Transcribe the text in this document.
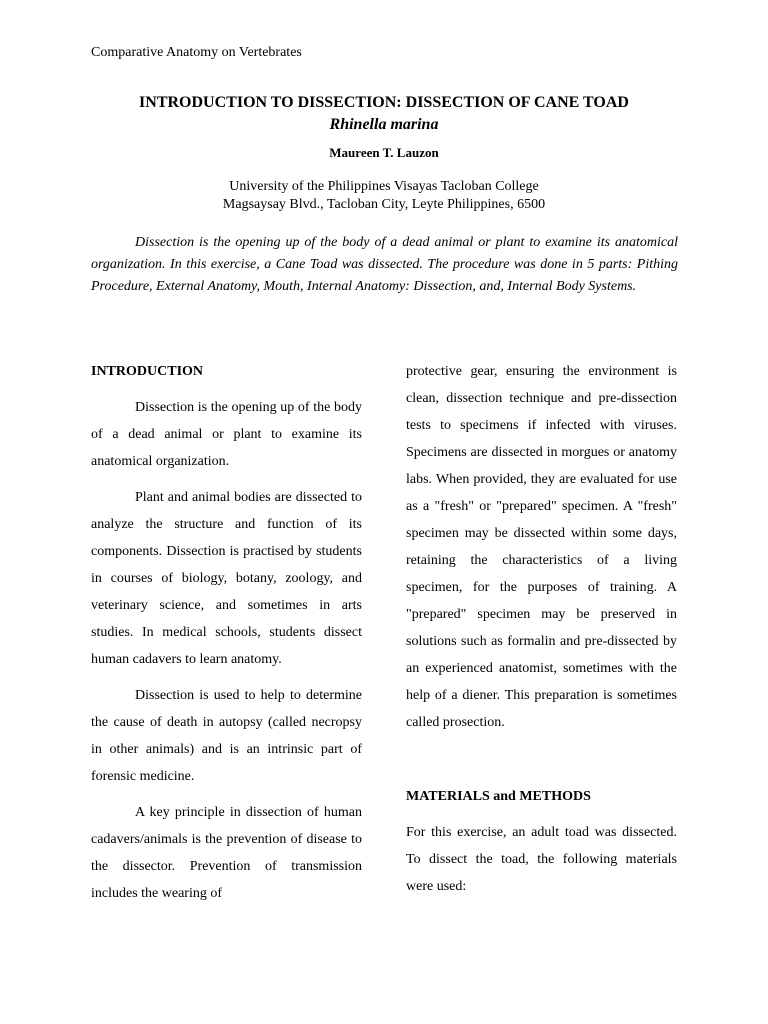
Comparative Anatomy on Vertebrates
INTRODUCTION TO DISSECTION: DISSECTION OF CANE TOAD
Rhinella marina
Maureen T. Lauzon
University of the Philippines Visayas Tacloban College
Magsaysay Blvd., Tacloban City, Leyte Philippines, 6500

Dissection is the opening up of the body of a dead animal or plant to examine its anatomical organization. In this exercise, a Cane Toad was dissected. The procedure was done in 5 parts: Pithing Procedure, External Anatomy, Mouth, Internal Anatomy: Dissection, and, Internal Body Systems.

INTRODUCTION

Dissection is the opening up of the body of a dead animal or plant to examine its anatomical organization.

Plant and animal bodies are dissected to analyze the structure and function of its components. Dissection is practised by students in courses of biology, botany, zoology, and veterinary science, and sometimes in arts studies. In medical schools, students dissect human cadavers to learn anatomy.

Dissection is used to help to determine the cause of death in autopsy (called necropsy in other animals) and is an intrinsic part of forensic medicine.

A key principle in dissection of human cadavers/animals is the prevention of disease to the dissector. Prevention of transmission includes the wearing of

protective gear, ensuring the environment is clean, dissection technique and pre-dissection tests to specimens if infected with viruses. Specimens are dissected in morgues or anatomy labs. When provided, they are evaluated for use as a "fresh" or "prepared" specimen. A "fresh" specimen may be dissected within some days, retaining the characteristics of a living specimen, for the purposes of training. A "prepared" specimen may be preserved in solutions such as formalin and pre-dissected by an experienced anatomist, sometimes with the help of a diener. This preparation is sometimes called prosection.

MATERIALS and METHODS

For this exercise, an adult toad was dissected. To dissect the toad, the following materials were used:
